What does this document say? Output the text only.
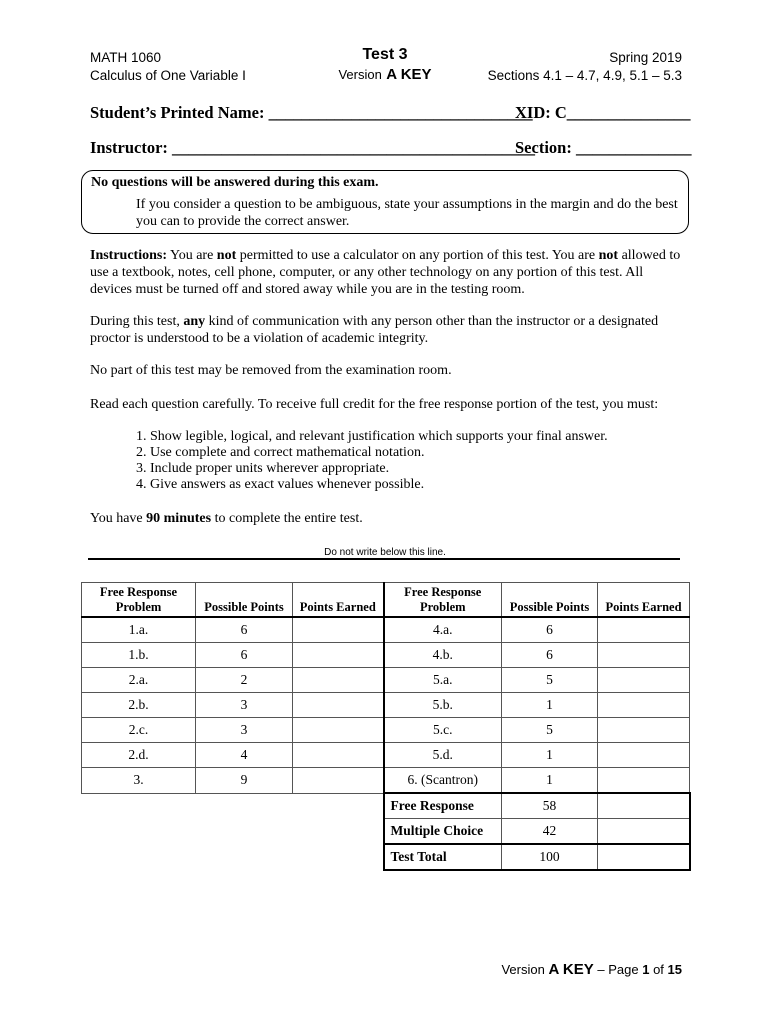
MATH 1060
Calculus of One Variable I
Test 3
Version A KEY
Spring 2019
Sections 4.1 – 4.7, 4.9, 5.1 – 5.3
Student’s Printed Name: ________________________________
XID: C_______________
Instructor: ____________________________________________
Section: ______________
No questions will be answered during this exam.
If you consider a question to be ambiguous, state your assumptions in the margin and do the best
you can to provide the correct answer.
Instructions: You are not permitted to use a calculator on any portion of this test. You are not allowed to
use a textbook, notes, cell phone, computer, or any other technology on any portion of this test. All
devices must be turned off and stored away while you are in the testing room.
During this test, any kind of communication with any person other than the instructor or a designated
proctor is understood to be a violation of academic integrity.
No part of this test may be removed from the examination room.
Read each question carefully. To receive full credit for the free response portion of the test, you must:
1. Show legible, logical, and relevant justification which supports your final answer.
2. Use complete and correct mathematical notation.
3. Include proper units wherever appropriate.
4. Give answers as exact values whenever possible.
You have 90 minutes to complete the entire test.
Do not write below this line.
Free Response Problem	Possible Points	Points Earned	Free Response Problem	Possible Points	Points Earned
1.a.	6		4.a.	6	
1.b.	6		4.b.	6	
2.a.	2		5.a.	5	
2.b.	3		5.b.	1	
2.c.	3		5.c.	5	
2.d.	4		5.d.	1	
3.	9		6. (Scantron)	1	
			Free Response	58	
			Multiple Choice	42	
			Test Total	100	
Version A KEY – Page 1 of 15
